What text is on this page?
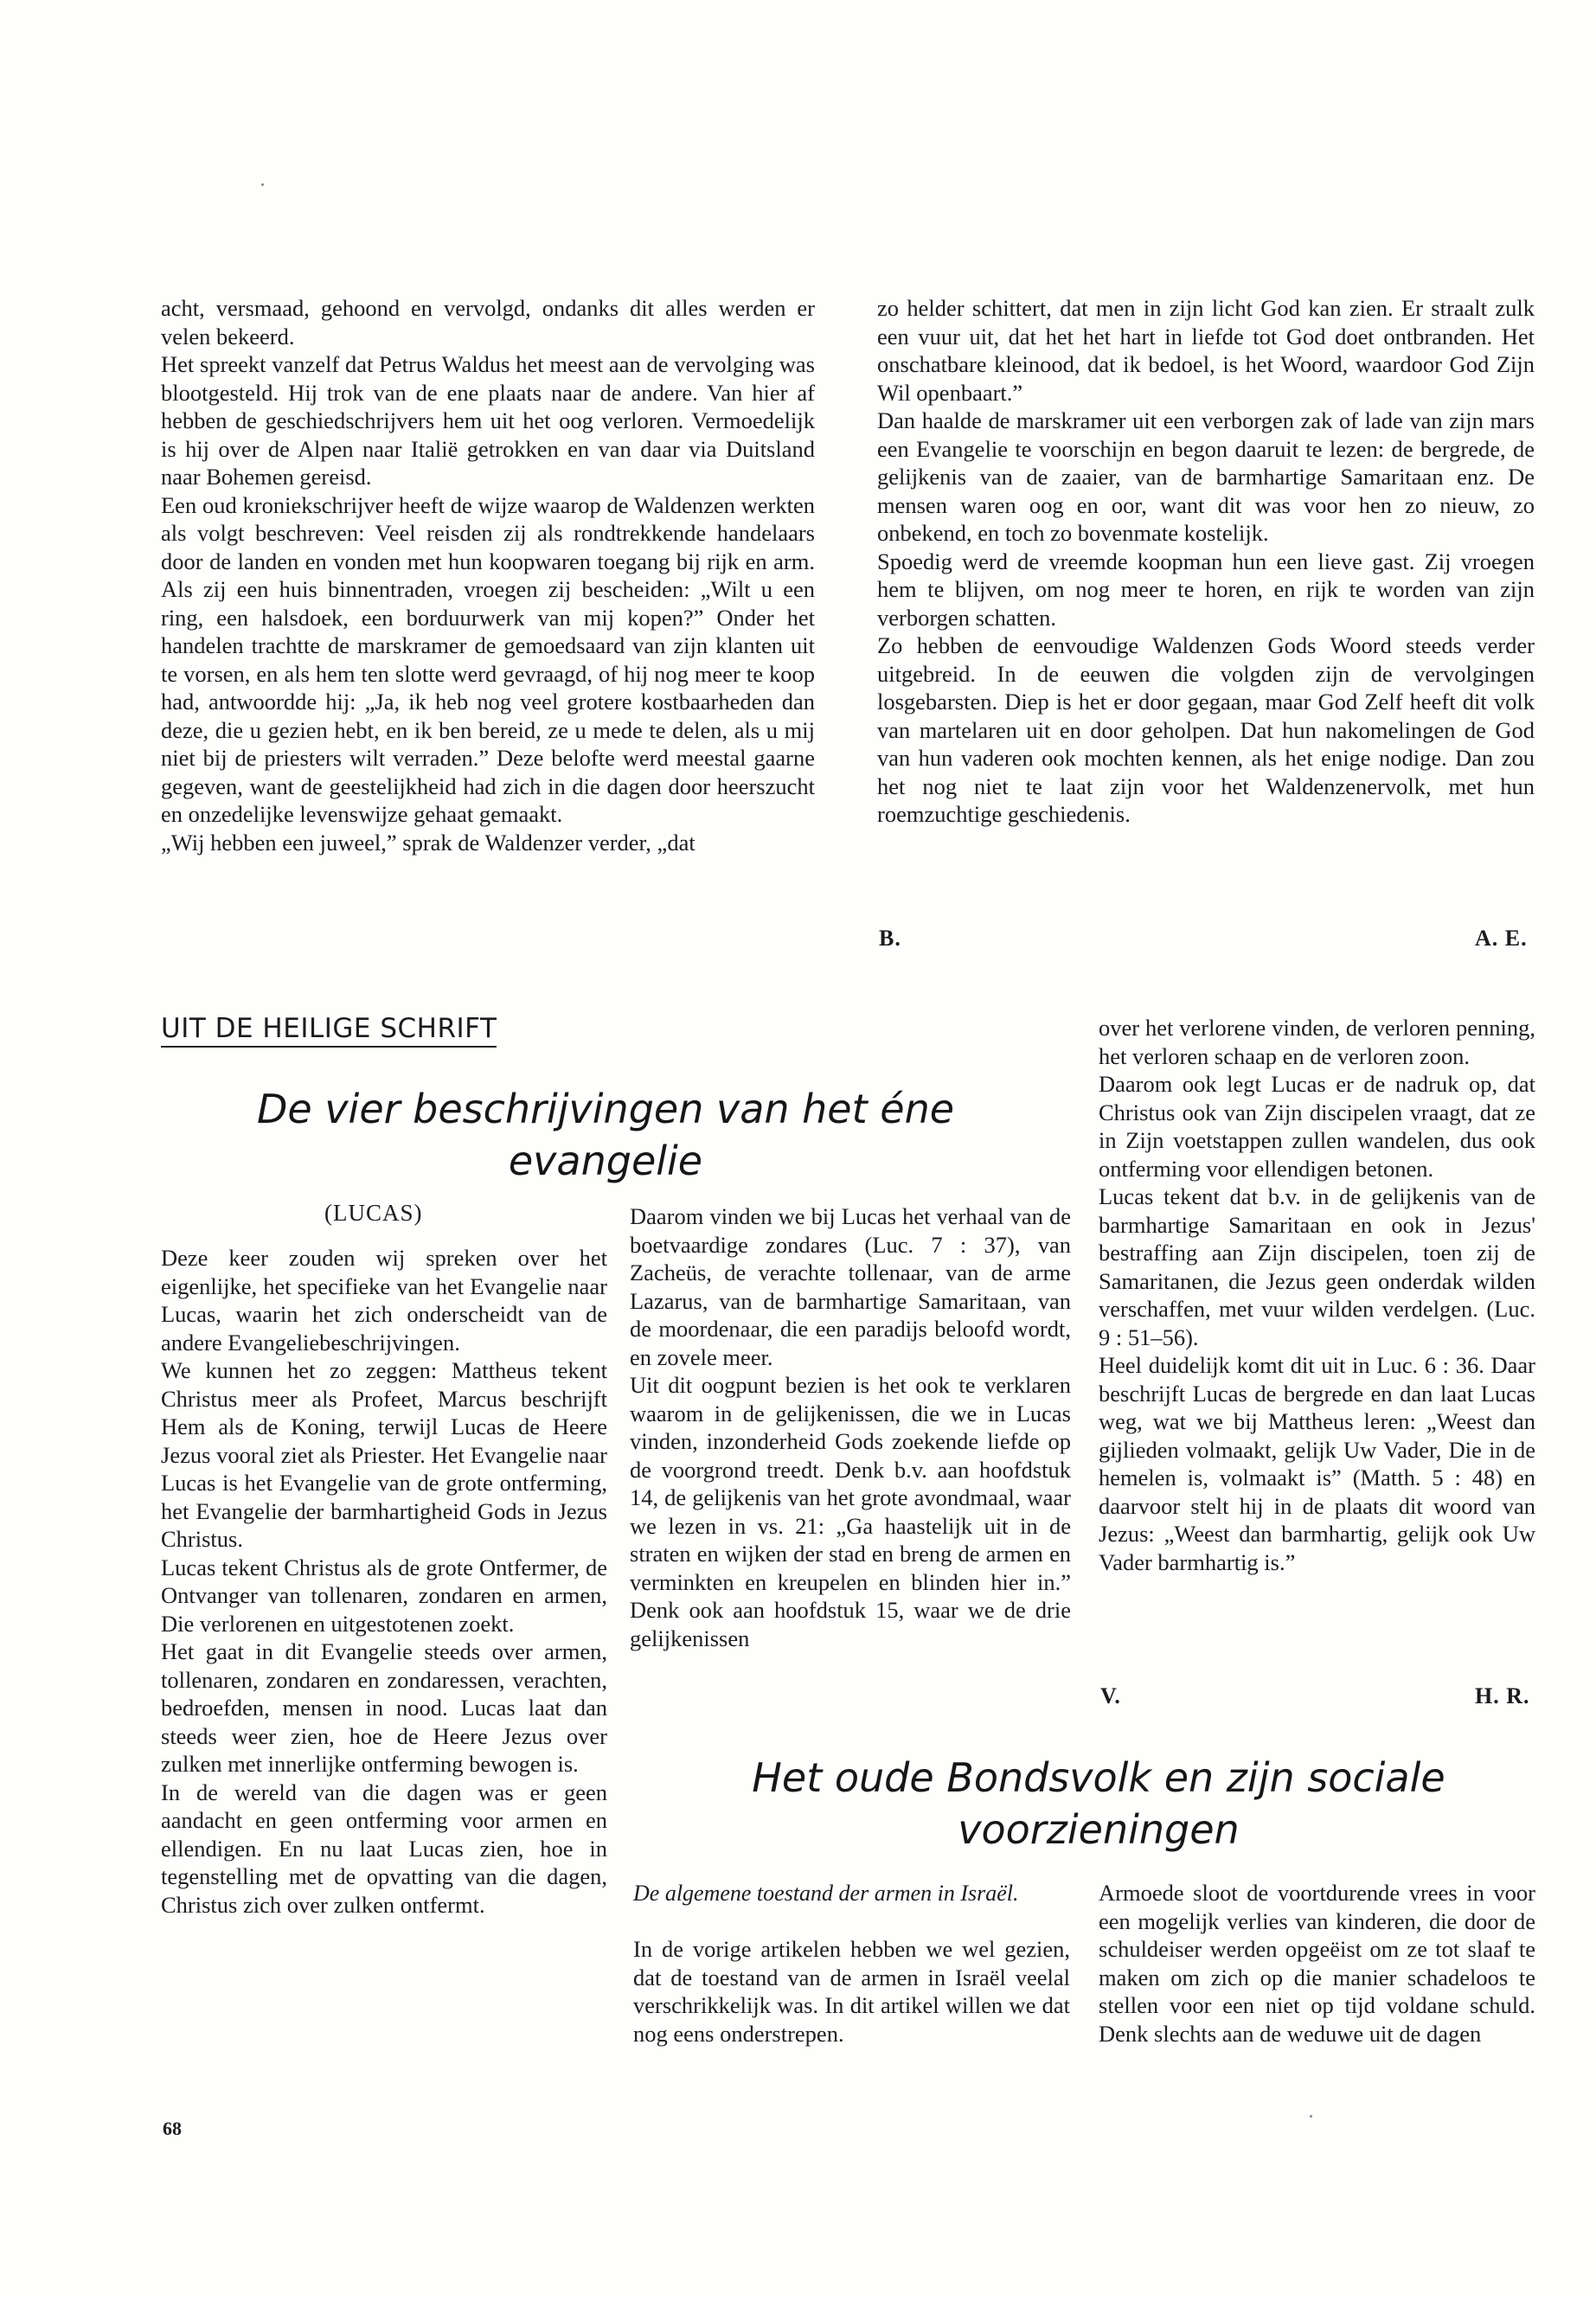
acht, versmaad, gehoond en vervolgd, ondanks dit alles werden er velen bekeerd.

Het spreekt vanzelf dat Petrus Waldus het meest aan de vervolging was blootgesteld. Hij trok van de ene plaats naar de andere. Van hier af hebben de geschiedschrijvers hem uit het oog verloren. Vermoedelijk is hij over de Alpen naar Italië getrokken en van daar via Duitsland naar Bohemen gereisd.

Een oud kroniekschrijver heeft de wijze waarop de Waldenzen werkten als volgt beschreven: Veel reisden zij als rondtrekkende handelaars door de landen en vonden met hun koopwaren toegang bij rijk en arm. Als zij een huis binnentraden, vroegen zij bescheiden: „Wilt u een ring, een halsdoek, een borduurwerk van mij kopen?” Onder het handelen trachtte de marskramer de gemoedsaard van zijn klanten uit te vorsen, en als hem ten slotte werd gevraagd, of hij nog meer te koop had, antwoordde hij: „Ja, ik heb nog veel grotere kostbaarheden dan deze, die u gezien hebt, en ik ben bereid, ze u mede te delen, als u mij niet bij de priesters wilt verraden.” Deze belofte werd meestal gaarne gegeven, want de geestelijkheid had zich in die dagen door heerszucht en onzedelijke levenswijze gehaat gemaakt.

„Wij hebben een juweel,” sprak de Waldenzer verder, „dat

zo helder schittert, dat men in zijn licht God kan zien. Er straalt zulk een vuur uit, dat het het hart in liefde tot God doet ontbranden. Het onschatbare kleinood, dat ik bedoel, is het Woord, waardoor God Zijn Wil openbaart.”

Dan haalde de marskramer uit een verborgen zak of lade van zijn mars een Evangelie te voorschijn en begon daaruit te lezen: de bergrede, de gelijkenis van de zaaier, van de barmhartige Samaritaan enz. De mensen waren oog en oor, want dit was voor hen zo nieuw, zo onbekend, en toch zo bovenmate kostelijk.

Spoedig werd de vreemde koopman hun een lieve gast. Zij vroegen hem te blijven, om nog meer te horen, en rijk te worden van zijn verborgen schatten.

Zo hebben de eenvoudige Waldenzen Gods Woord steeds verder uitgebreid. In de eeuwen die volgden zijn de vervolgingen losgebarsten. Diep is het er door gegaan, maar God Zelf heeft dit volk van martelaren uit en door geholpen. Dat hun nakomelingen de God van hun vaderen ook mochten kennen, als het enige nodige. Dan zou het nog niet te laat zijn voor het Waldenzenervolk, met hun roemzuchtige geschiedenis.

B.	A. E.
UIT DE HEILIGE SCHRIFT
De vier beschrijvingen van het éne evangelie
(LUCAS)

Deze keer zouden wij spreken over het eigenlijke, het specifieke van het Evangelie naar Lucas, waarin het zich onderscheidt van de andere Evangeliebeschrijvingen.

We kunnen het zo zeggen: Mattheus tekent Christus meer als Profeet, Marcus beschrijft Hem als de Koning, terwijl Lucas de Heere Jezus vooral ziet als Priester. Het Evangelie naar Lucas is het Evangelie van de grote ontferming, het Evangelie der barmhartigheid Gods in Jezus Christus.

Lucas tekent Christus als de grote Ontfermer, de Ontvanger van tollenaren, zondaren en armen, Die verlorenen en uitgestotenen zoekt.

Het gaat in dit Evangelie steeds over armen, tollenaren, zondaren en zondaressen, verachten, bedroefden, mensen in nood. Lucas laat dan steeds weer zien, hoe de Heere Jezus over zulken met innerlijke ontferming bewogen is.

In de wereld van die dagen was er geen aandacht en geen ontferming voor armen en ellendigen. En nu laat Lucas zien, hoe in tegenstelling met de opvatting van die dagen, Christus zich over zulken ontfermt.

Daarom vinden we bij Lucas het verhaal van de boetvaardige zondares (Luc. 7 : 37), van Zacheüs, de verachte tollenaar, van de arme Lazarus, van de barmhartige Samaritaan, van de moordenaar, die een paradijs beloofd wordt, en zovele meer.

Uit dit oogpunt bezien is het ook te verklaren waarom in de gelijkenissen, die we in Lucas vinden, inzonderheid Gods zoekende liefde op de voorgrond treedt. Denk b.v. aan hoofdstuk 14, de gelijkenis van het grote avondmaal, waar we lezen in vs. 21: „Ga haastelijk uit in de straten en wijken der stad en breng de armen en verminkten en kreupelen en blinden hier in.” Denk ook aan hoofdstuk 15, waar we de drie gelijkenissen

over het verlorene vinden, de verloren penning, het verloren schaap en de verloren zoon.

Daarom ook legt Lucas er de nadruk op, dat Christus ook van Zijn discipelen vraagt, dat ze in Zijn voetstappen zullen wandelen, dus ook ontferming voor ellendigen betonen.

Lucas tekent dat b.v. in de gelijkenis van de barmhartige Samaritaan en ook in Jezus' bestraffing aan Zijn discipelen, toen zij de Samaritanen, die Jezus geen onderdak wilden verschaffen, met vuur wilden verdelgen. (Luc. 9 : 51–56).

Heel duidelijk komt dit uit in Luc. 6 : 36. Daar beschrijft Lucas de bergrede en dan laat Lucas weg, wat we bij Mattheus leren: „Weest dan gijlieden volmaakt, gelijk Uw Vader, Die in de hemelen is, volmaakt is” (Matth. 5 : 48) en daarvoor stelt hij in de plaats dit woord van Jezus: „Weest dan barmhartig, gelijk ook Uw Vader barmhartig is.”

V.	H. R.
Het oude Bondsvolk en zijn sociale voorzieningen
De algemene toestand der armen in Israël.

In de vorige artikelen hebben we wel gezien, dat de toestand van de armen in Israël veelal verschrikkelijk was. In dit artikel willen we dat nog eens onderstrepen.

Armoede sloot de voortdurende vrees in voor een mogelijk verlies van kinderen, die door de schuldeiser werden opgeëist om ze tot slaaf te maken om zich op die manier schadeloos te stellen voor een niet op tijd voldane schuld. Denk slechts aan de weduwe uit de dagen

68
